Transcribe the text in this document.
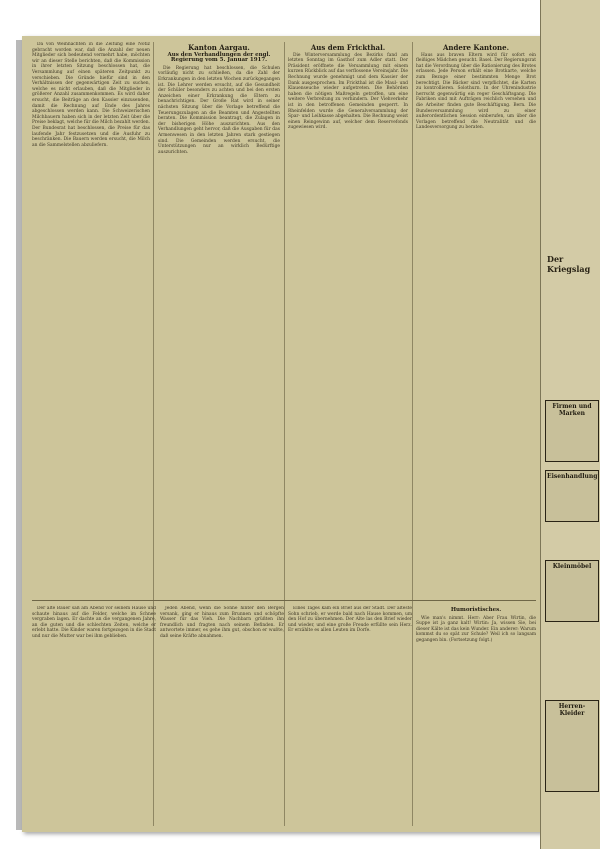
Da von Weihnachten in die Zeitung eine Notiz gebracht worden war, daß die Anzahl der neuen Mitglieder sich bedeutend vermehrt habe, möchten wir an dieser Stelle berichten, daß die Kommission in ihrer letzten Sitzung beschlossen hat, die Versammlung auf einen späteren Zeitpunkt zu verschieben. Die Gründe hiefür sind in den Verhältnissen der gegenwärtigen Zeit zu suchen, welche es nicht erlauben, daß die Mitglieder in größerer Anzahl zusammenkommen. Es wird daher ersucht, die Beiträge an den Kassier einzusenden, damit die Rechnung auf Ende des Jahres abgeschlossen werden kann. Die Schweizerischen Milchbauern haben sich in der letzten Zeit über die Preise beklagt, welche für die Milch bezahlt werden. Der Bundesrat hat beschlossen, die Preise für das laufende Jahr festzusetzen und die Ausfuhr zu beschränken. Die Bauern werden ersucht, die Milch an die Sammelstellen abzuliefern.

Kanton Aargau.
Aus den Verhandlungen der engl. Regierung vom 5. Januar 1917.

Die Regierung hat beschlossen, die Schulen vorläufig nicht zu schließen, da die Zahl der Erkrankungen in den letzten Wochen zurückgegangen ist. Die Lehrer werden ersucht, auf die Gesundheit der Schüler besonders zu achten und bei den ersten Anzeichen einer Erkrankung die Eltern zu benachrichtigen. Der Große Rat wird in seiner nächsten Sitzung über die Vorlage betreffend die Teuerungszulagen an die Beamten und Angestellten beraten. Die Kommission beantragt, die Zulagen in der bisherigen Höhe auszurichten. Aus den Verhandlungen geht hervor, daß die Ausgaben für das Armenwesen in den letzten Jahren stark gestiegen sind. Die Gemeinden werden ersucht, die Unterstützungen nur an wirklich Bedürftige auszurichten.

Aus dem Frickthal.

Die Winterversammlung des Bezirks fand am letzten Sonntag im Gasthof zum Adler statt. Der Präsident eröffnete die Versammlung mit einem kurzen Rückblick auf das verflossene Vereinsjahr. Die Rechnung wurde genehmigt und dem Kassier der Dank ausgesprochen. Im Frickthal ist die Maul- und Klauenseuche wieder aufgetreten. Die Behörden haben die nötigen Maßregeln getroffen, um eine weitere Verbreitung zu verhindern. Der Viehverkehr ist in den betroffenen Gemeinden gesperrt. In Rheinfelden wurde die Generalversammlung der Spar- und Leihkasse abgehalten. Die Rechnung weist einen Reingewinn auf, welcher dem Reservefonds zugewiesen wird.

Andere Kantone.

Haus aus braven Eltern wird für sofort ein fleißiges Mädchen gesucht. Basel. Der Regierungsrat hat die Verordnung über die Rationierung des Brotes erlassen. Jede Person erhält eine Brotkarte, welche zum Bezuge einer bestimmten Menge Brot berechtigt. Die Bäcker sind verpflichtet, die Karten zu kontrollieren. Solothurn. In der Uhrenindustrie herrscht gegenwärtig ein reger Geschäftsgang. Die Fabriken sind mit Aufträgen reichlich versehen und die Arbeiter finden gute Beschäftigung. Bern. Die Bundesversammlung wird zu einer außerordentlichen Session einberufen, um über die Vorlagen betreffend die Neutralität und die Landesversorgung zu beraten.

Der alte Bauer saß am Abend vor seinem Hause und schaute hinaus auf die Felder, welche im Schnee vergraben lagen. Er dachte an die vergangenen Jahre, an die guten und die schlechten Zeiten, welche er erlebt hatte. Die Kinder waren fortgezogen in die Stadt und nur die Mutter war bei ihm geblieben.

Jeden Abend, wenn die Sonne hinter den Bergen versank, ging er hinaus zum Brunnen und schöpfte Wasser für das Vieh. Die Nachbarn grüßten ihn freundlich und fragten nach seinem Befinden. Er antwortete immer, es gehe ihm gut, obschon er wußte, daß seine Kräfte abnahmen.

Eines Tages kam ein Brief aus der Stadt. Der älteste Sohn schrieb, er werde bald nach Hause kommen, um den Hof zu übernehmen. Der Alte las den Brief wieder und wieder, und eine große Freude erfüllte sein Herz. Er erzählte es allen Leuten im Dorfe.

Humoristisches.

Wie man's nimmt. Herr: Aber Frau Wirtin, die Suppe ist ja ganz kalt! Wirtin: Ja, wissen Sie, bei dieser Kälte ist das kein Wunder. Ein anderer: Warum kommst du so spät zur Schule? Weil ich so langsam gegangen bin. (Fortsetzung folgt.)

Der Kriegslag
Firmen und Marken
Eisenhandlung
Kleinmöbel
Herren-Kleider
